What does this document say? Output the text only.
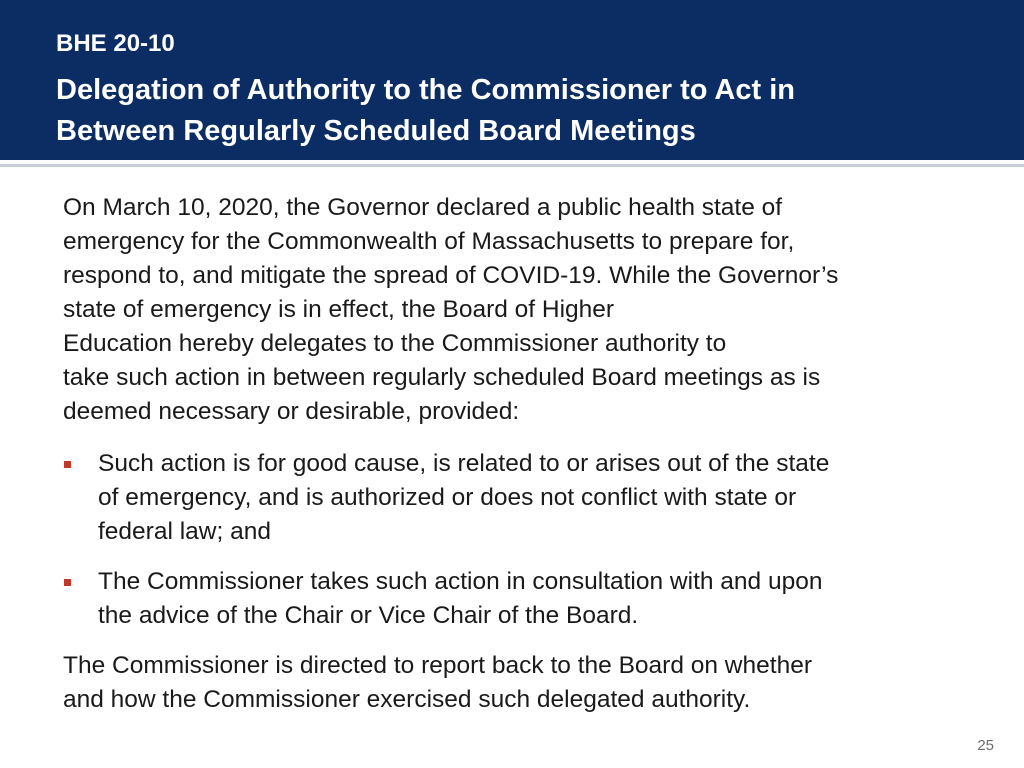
BHE 20-10

Delegation of Authority to the Commissioner to Act in
Between Regularly Scheduled Board Meetings
On March 10, 2020, the Governor declared a public health state of
emergency for the Commonwealth of Massachusetts to prepare for,
respond to, and mitigate the spread of COVID-19. While the Governor’s
state of emergency is in effect, the Board of Higher
Education hereby delegates to the Commissioner authority to
take such action in between regularly scheduled Board meetings as is
deemed necessary or desirable, provided:
Such action is for good cause, is related to or arises out of the state
of emergency, and is authorized or does not conflict with state or
federal law; and
The Commissioner takes such action in consultation with and upon
the advice of the Chair or Vice Chair of the Board.
The Commissioner is directed to report back to the Board on whether
and how the Commissioner exercised such delegated authority.
25
